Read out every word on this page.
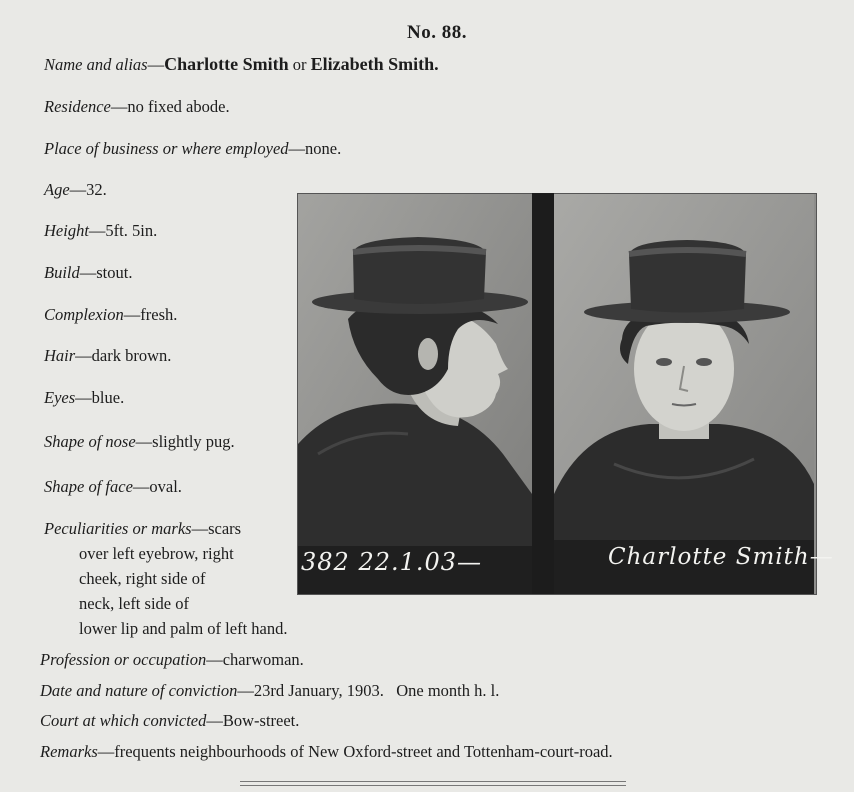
No. 88.
Name and alias—Charlotte Smith or Elizabeth Smith.
Residence—no fixed abode.
Place of business or where employed—none.
Age—32.
Height—5ft. 5in.
Build—stout.
Complexion—fresh.
Hair—dark brown.
Eyes—blue.
Shape of nose—slightly pug.
Shape of face—oval.
Peculiarities or marks—scars
over left eyebrow, right
cheek, right side of
neck, left side of
lower lip and palm of left hand.
Profession or occupation—charwoman.
Date and nature of conviction—23rd January, 1903. One month h. l.
Court at which convicted—Bow-street.
Remarks—frequents neighbourhoods of New Oxford-street and Tottenham-court-road.
382 22.1.03—	Charlotte Smith—
